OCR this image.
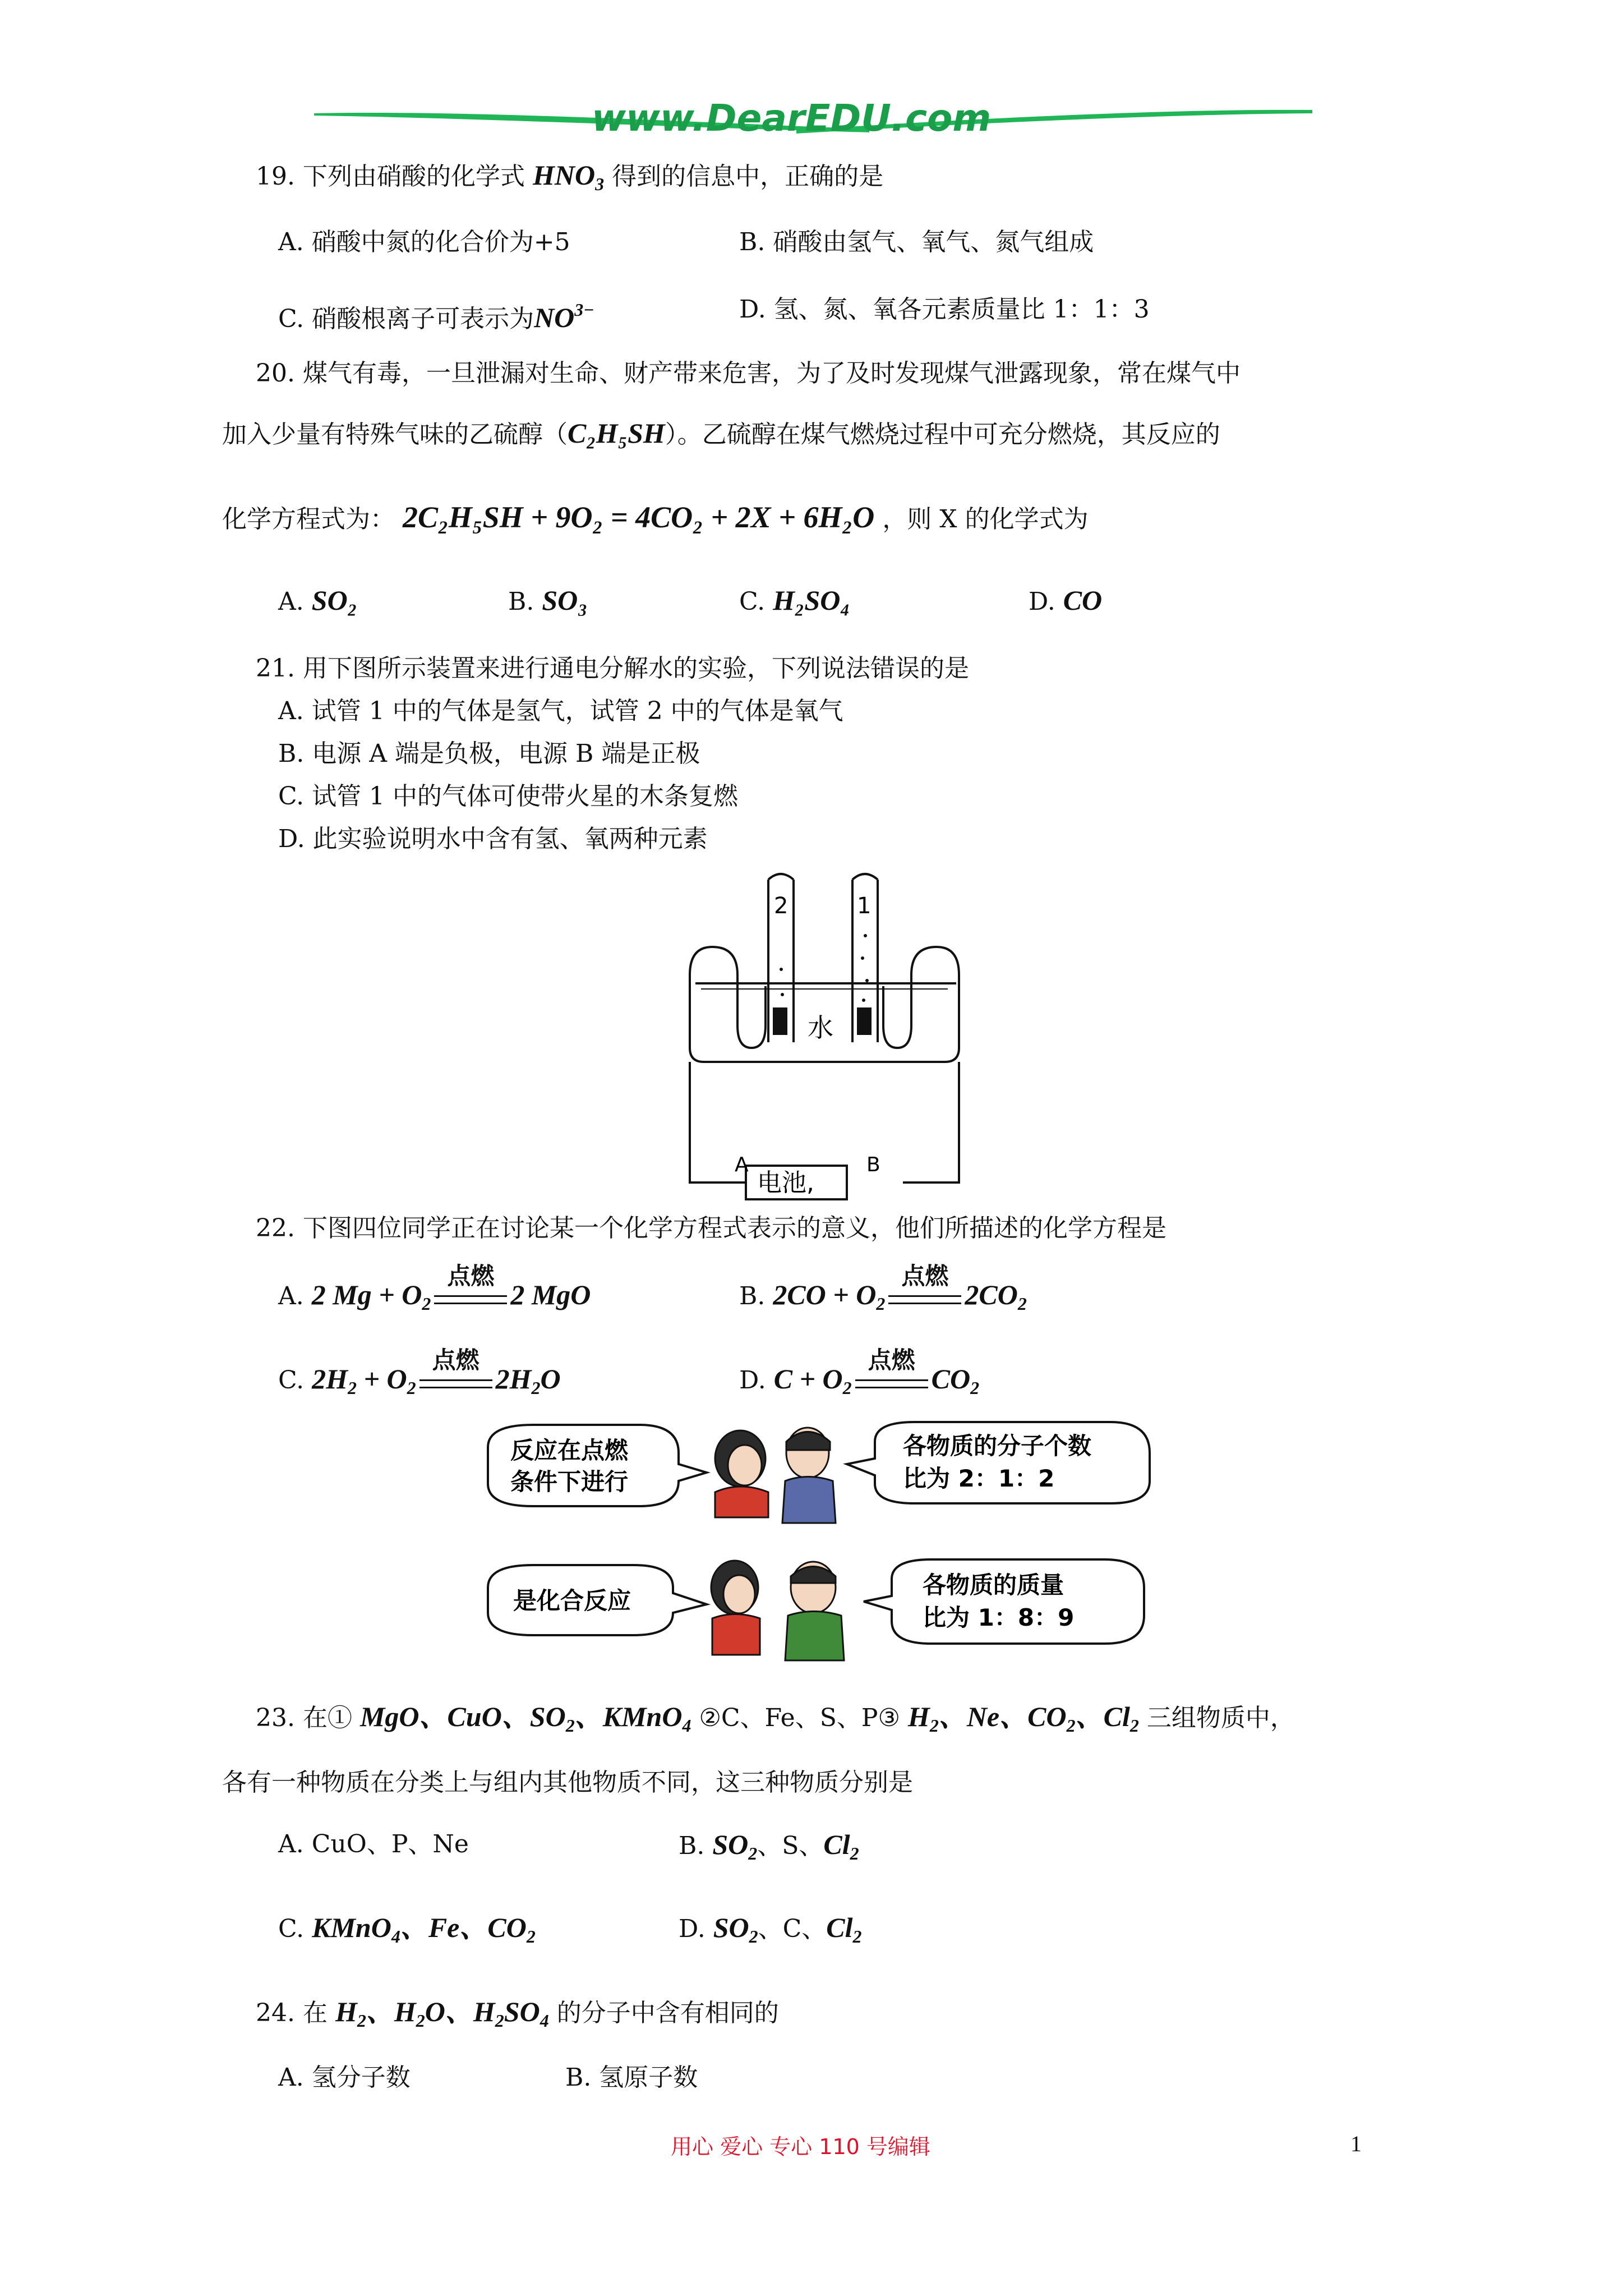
www.DearEDU.com
19. 下列由硝酸的化学式 $HNO_3$ 得到的信息中，正确的是
A. 硝酸中氮的化合价为+5	B. 硝酸由氢气、氧气、氮气组成
C. 硝酸根离子可表示为$NO^{3-}$	D. 氢、氮、氧各元素质量比 1：1：3
20. 煤气有毒，一旦泄漏对生命、财产带来危害，为了及时发现煤气泄露现象，常在煤气中
加入少量有特殊气味的乙硫醇（C₂H₅SH）。乙硫醇在煤气燃烧过程中可充分燃烧，其反应的
化学方程式为： 2C₂H₅SH + 9O₂ = 4CO₂ + 2X + 6H₂O ，则 X 的化学式为
A. SO₂	B. SO₃	C. H₂SO₄	D. CO
21. 用下图所示装置来进行通电分解水的实验，下列说法错误的是
A. 试管 1 中的气体是氢气，试管 2 中的气体是氧气
B. 电源 A 端是负极，电源 B 端是正极
C. 试管 1 中的气体可使带火星的木条复燃
D. 此实验说明水中含有氢、氧两种元素
2	1
水
A	B
电池,
22. 下图四位同学正在讨论某一个化学方程式表示的意义，他们所描述的化学方程是
A. 2 $Mg + O_2$
点燃
2 MgO	B. $2CO + O_2$
点燃
$2CO_2$
C. $2H_2 + O_2$
点燃
$2H_2O$	D. $C + O_2$
点燃
$CO_2$
反应在点燃
条件下进行
各物质的分子个数
比为 2：1：2
是化合反应
各物质的质量
比为 1：8：9
23. 在① MgO、CuO、$SO_2$、KMnO$_4$ ②C、Fe、S、P③ $H_2$、Ne、$CO_2$、$Cl_2$ 三组物质中，
各有一种物质在分类上与组内其他物质不同，这三种物质分别是
A. CuO、P、Ne	B. $SO_2$、S、$Cl_2$
C. KMnO$_4$、Fe、$CO_2$	D. $SO_2$、C、$Cl_2$
24. 在 $H_2$、$H_2O$、$H_2SO_4$ 的分子中含有相同的
A. 氢分子数	B. 氢原子数
用心 爱心 专心 110 号编辑	1
